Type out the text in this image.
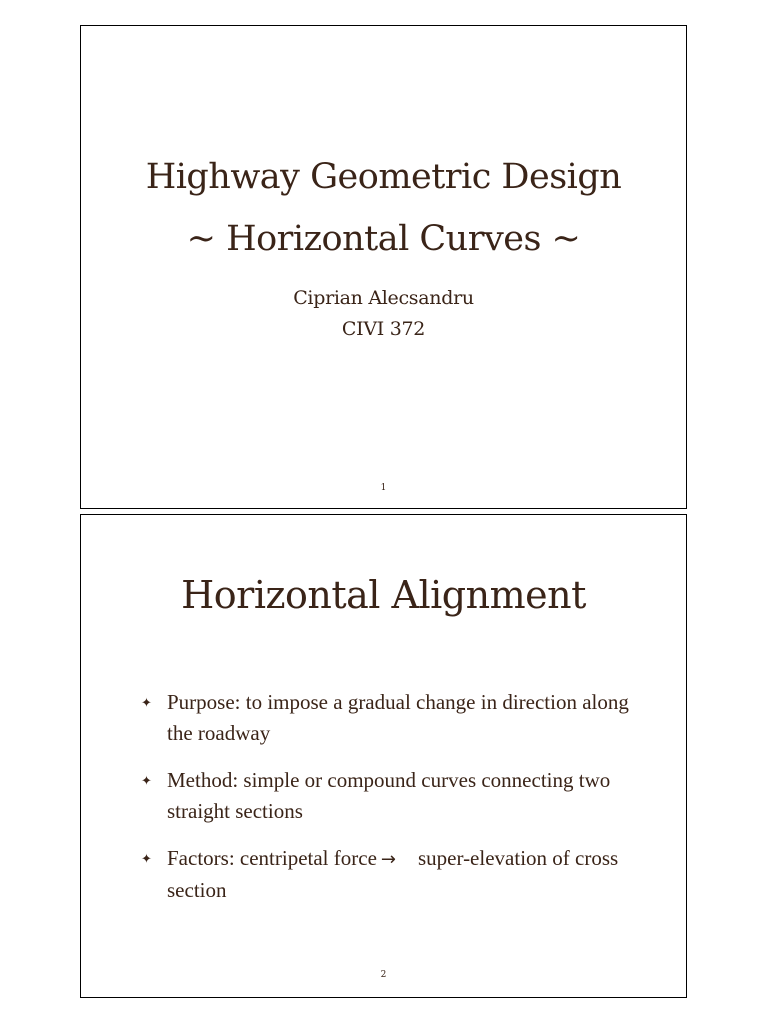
Highway Geometric Design
~ Horizontal Curves ~
Ciprian Alecsandru
CIVI 372
1
Horizontal Alignment
✦ Purpose: to impose a gradual change in direction along the roadway
✦ Method: simple or compound curves connecting two straight sections
✦ Factors: centripetal force → super-elevation of cross section
2
